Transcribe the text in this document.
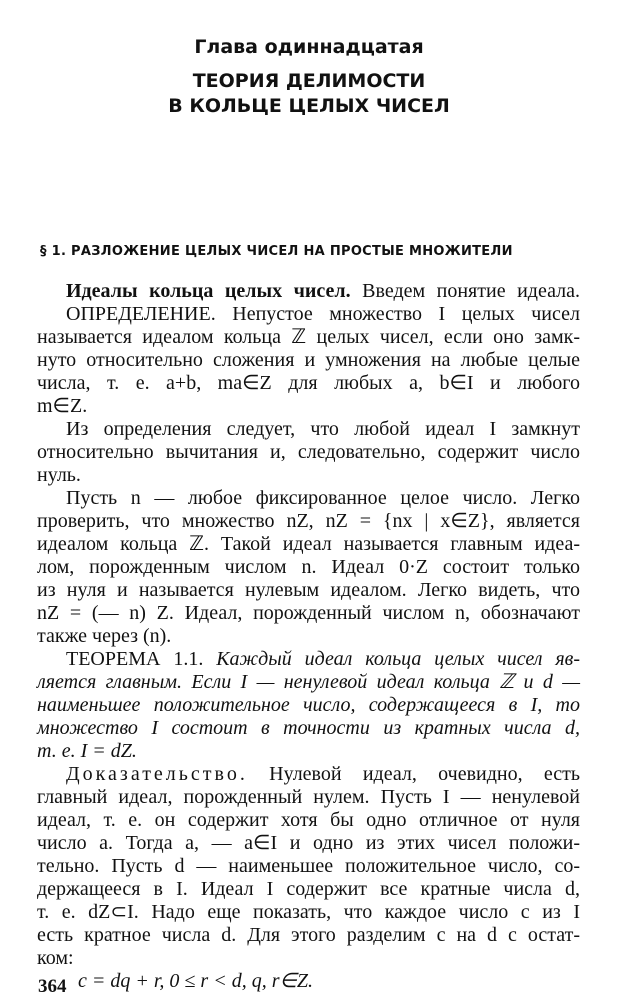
Глава одиннадцатая
ТЕОРИЯ ДЕЛИМОСТИ
В КОЛЬЦЕ ЦЕЛЫХ ЧИСЕЛ
§ 1. РАЗЛОЖЕНИЕ ЦЕЛЫХ ЧИСЕЛ НА ПРОСТЫЕ МНОЖИТЕЛИ
Идеалы кольца целых чисел. Введем понятие идеала.
ОПРЕДЕЛЕНИЕ. Непустое множество I целых чисел
называется идеалом кольца ℤ целых чисел, если оно замк-
нуто относительно сложения и умножения на любые целые
числа, т. е. a+b, ma∈Z для любых a, b∈I и любого
m∈Z.
Из определения следует, что любой идеал I замкнут
относительно вычитания и, следовательно, содержит число
нуль.
Пусть n — любое фиксированное целое число. Легко
проверить, что множество nZ, nZ = {nx | x∈Z}, является
идеалом кольца ℤ. Такой идеал называется главным идеа-
лом, порожденным числом n. Идеал 0·Z состоит только
из нуля и называется нулевым идеалом. Легко видеть, что
nZ = (— n) Z. Идеал, порожденный числом n, обозначают
также через (n).
ТЕОРЕМА 1.1. Каждый идеал кольца целых чисел яв-
ляется главным. Если I — ненулевой идеал кольца ℤ и d —
наименьшее положительное число, содержащееся в I, то
множество I состоит в точности из кратных числа d,
т. е. I = dZ.
Доказательство. Нулевой идеал, очевидно, есть
главный идеал, порожденный нулем. Пусть I — ненулевой
идеал, т. е. он содержит хотя бы одно отличное от нуля
число a. Тогда a, — a∈I и одно из этих чисел положи-
тельно. Пусть d — наименьшее положительное число, со-
держащееся в I. Идеал I содержит все кратные числа d,
т. е. dZ⊂I. Надо еще показать, что каждое число c из I
есть кратное числа d. Для этого разделим c на d с остат-
ком:
c = dq + r, 0 ≤ r < d, q, r∈Z.
364
